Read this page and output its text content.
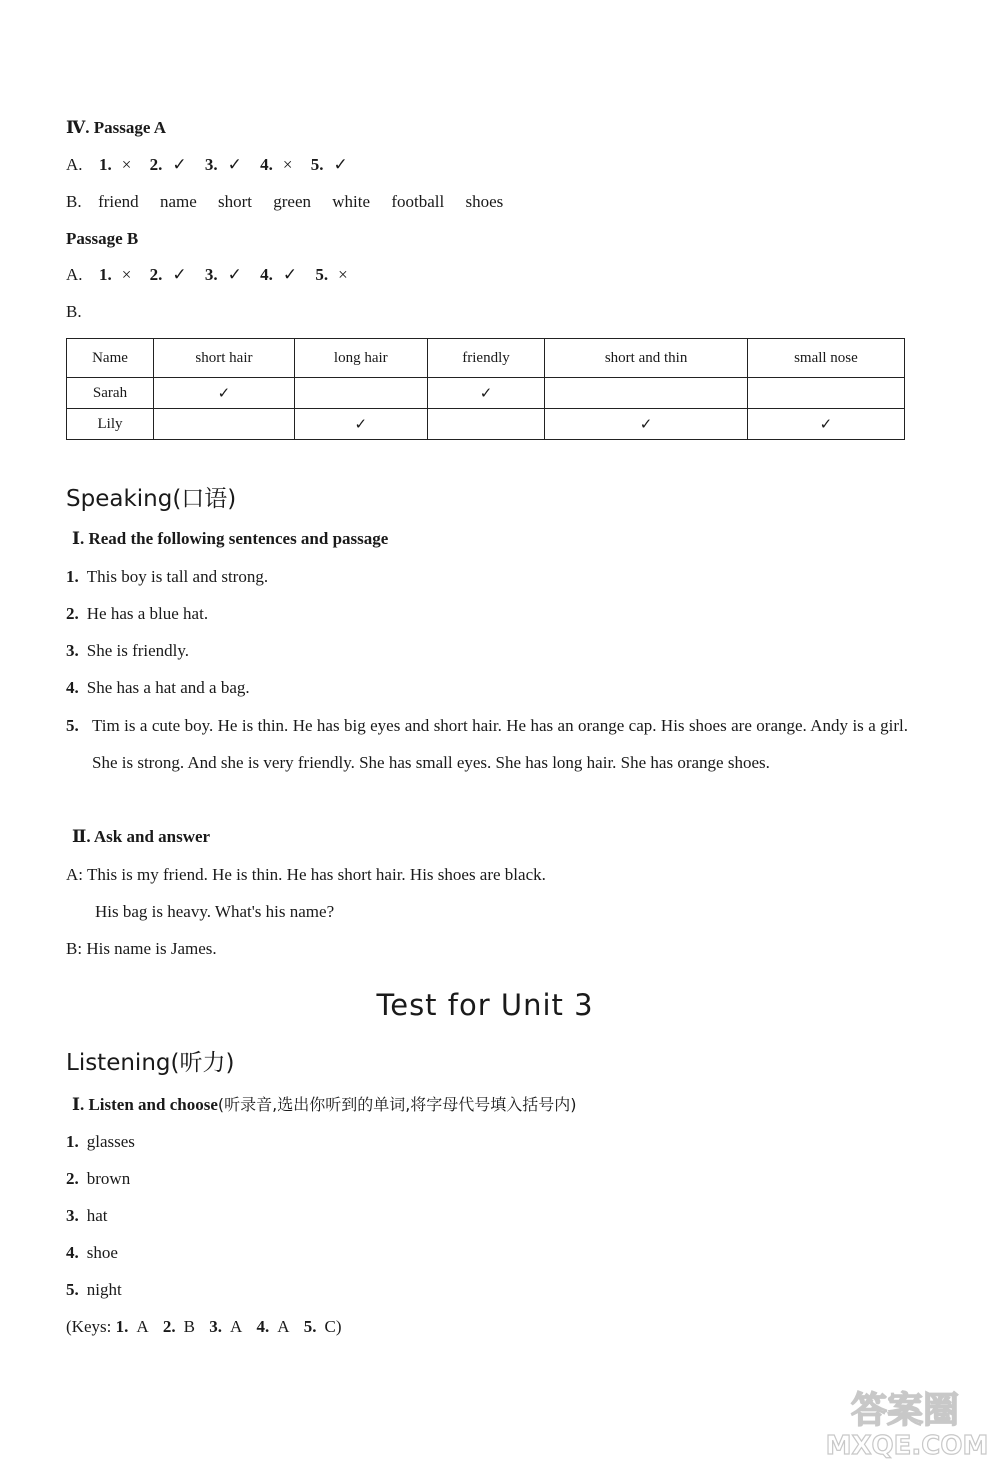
Ⅳ. Passage A
A. 1. × 2. ✓ 3. ✓ 4. × 5. ✓
B. friend name short green white football shoes
Passage B
A. 1. × 2. ✓ 3. ✓ 4. ✓ 5. ×
B.
Name	short hair	long hair	friendly	short and thin	small nose
Sarah	✓		✓		
Lily		✓		✓	✓
Speaking(口语)
Ⅰ. Read the following sentences and passage
1. This boy is tall and strong.
2. He has a blue hat.
3. She is friendly.
4. She has a hat and a bag.
5. Tim is a cute boy. He is thin. He has big eyes and short hair. He has an orange cap. His shoes are orange. Andy is a girl. She is strong. And she is very friendly. She has small eyes. She has long hair. She has orange shoes.
Ⅱ. Ask and answer
A: This is my friend. He is thin. He has short hair. His shoes are black.
His bag is heavy. What's his name?
B: His name is James.
Test for Unit 3
Listening(听力)
Ⅰ. Listen and choose(听录音,选出你听到的单词,将字母代号填入括号内)
1. glasses
2. brown
3. hat
4. shoe
5. night
(Keys: 1. A 2. B 3. A 4. A 5. C)
答案圈
MXQE.COM
